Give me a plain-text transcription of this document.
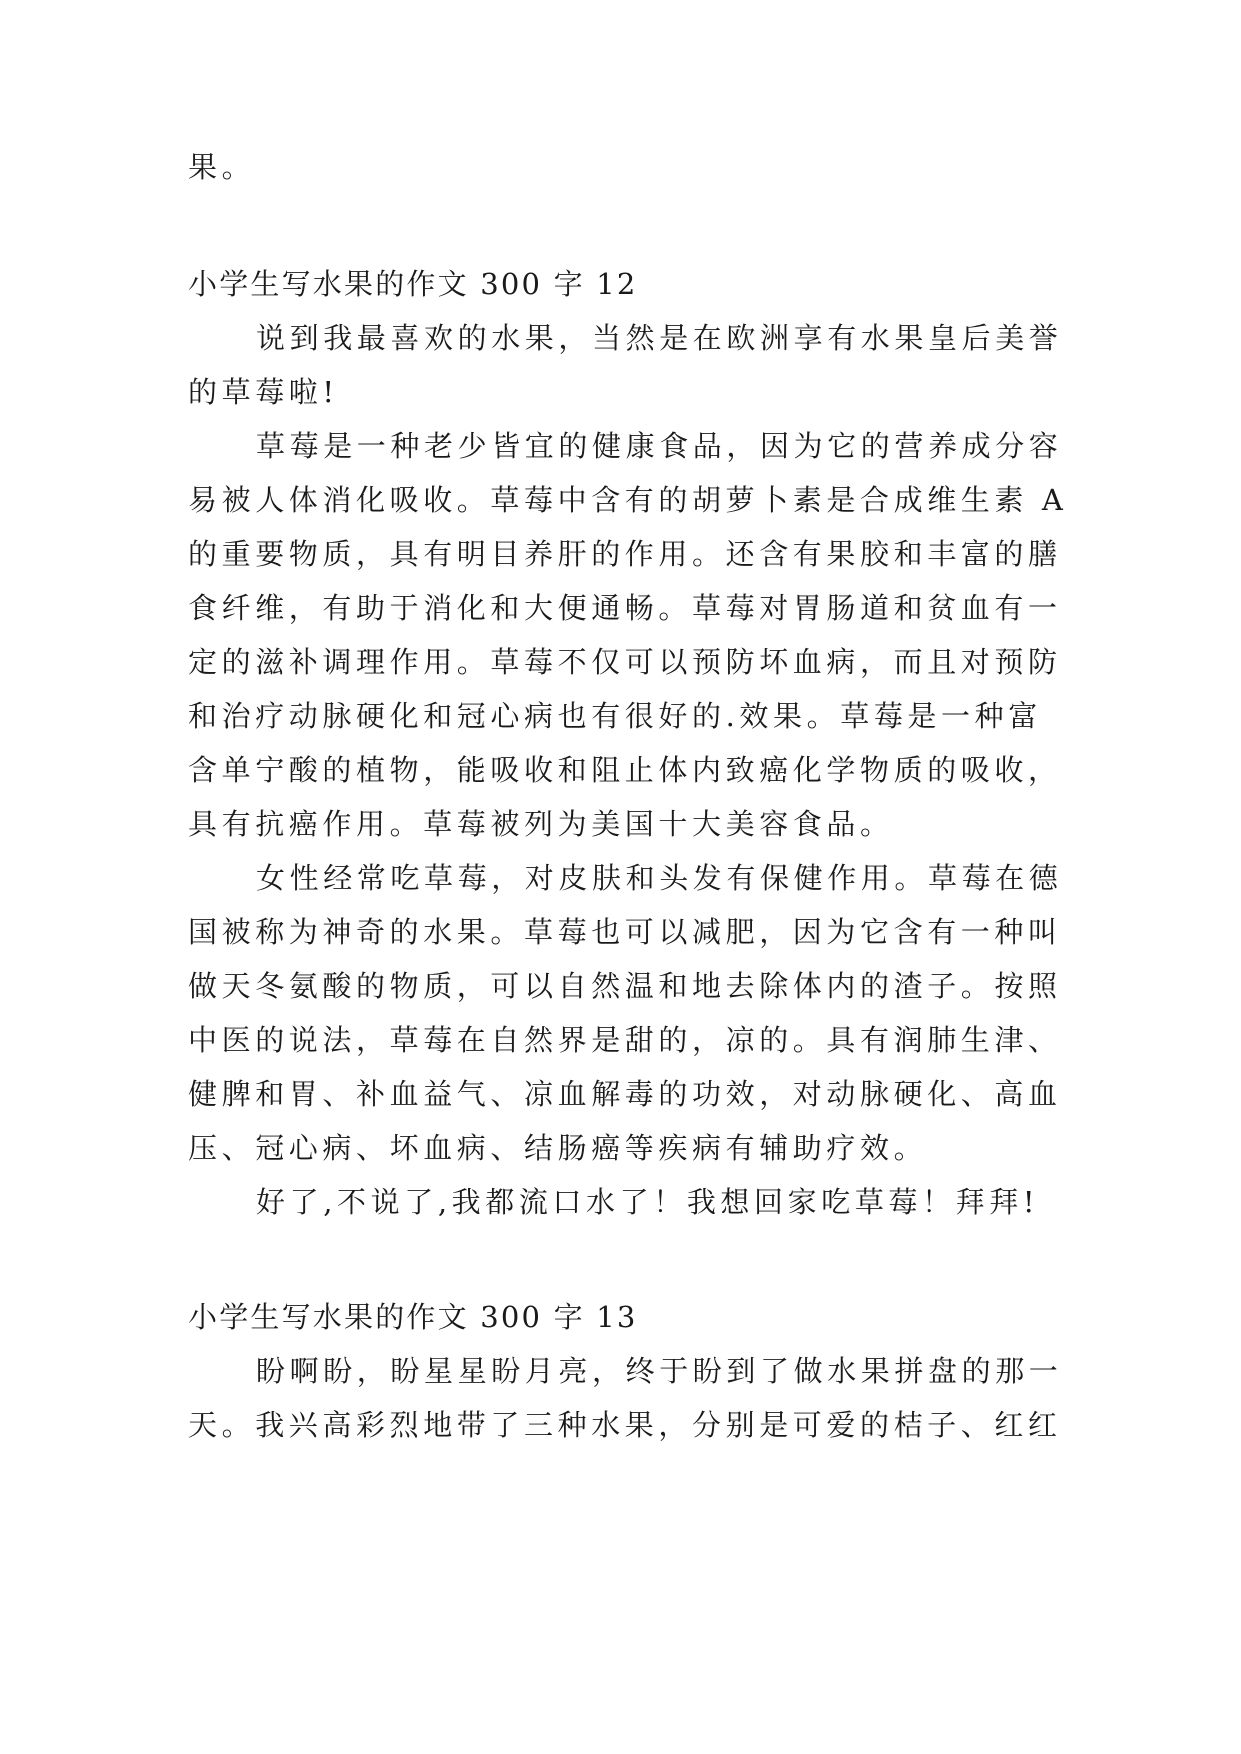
果。
小学生写水果的作文 300 字 12
说到我最喜欢的水果，当然是在欧洲享有水果皇后美誉
的草莓啦!
草莓是一种老少皆宜的健康食品，因为它的营养成分容
易被人体消化吸收。草莓中含有的胡萝卜素是合成维生素 A
的重要物质，具有明目养肝的作用。还含有果胶和丰富的膳
食纤维，有助于消化和大便通畅。草莓对胃肠道和贫血有一
定的滋补调理作用。草莓不仅可以预防坏血病，而且对预防
和治疗动脉硬化和冠心病也有很好的.效果。草莓是一种富
含单宁酸的植物，能吸收和阻止体内致癌化学物质的吸收，
具有抗癌作用。草莓被列为美国十大美容食品。
女性经常吃草莓，对皮肤和头发有保健作用。草莓在德
国被称为神奇的水果。草莓也可以减肥，因为它含有一种叫
做天冬氨酸的物质，可以自然温和地去除体内的渣子。按照
中医的说法，草莓在自然界是甜的，凉的。具有润肺生津、
健脾和胃、补血益气、凉血解毒的功效，对动脉硬化、高血
压、冠心病、坏血病、结肠癌等疾病有辅助疗效。
好了,不说了,我都流口水了！我想回家吃草莓！拜拜!
小学生写水果的作文 300 字 13
盼啊盼，盼星星盼月亮，终于盼到了做水果拼盘的那一
天。我兴高彩烈地带了三种水果，分别是可爱的桔子、红红
